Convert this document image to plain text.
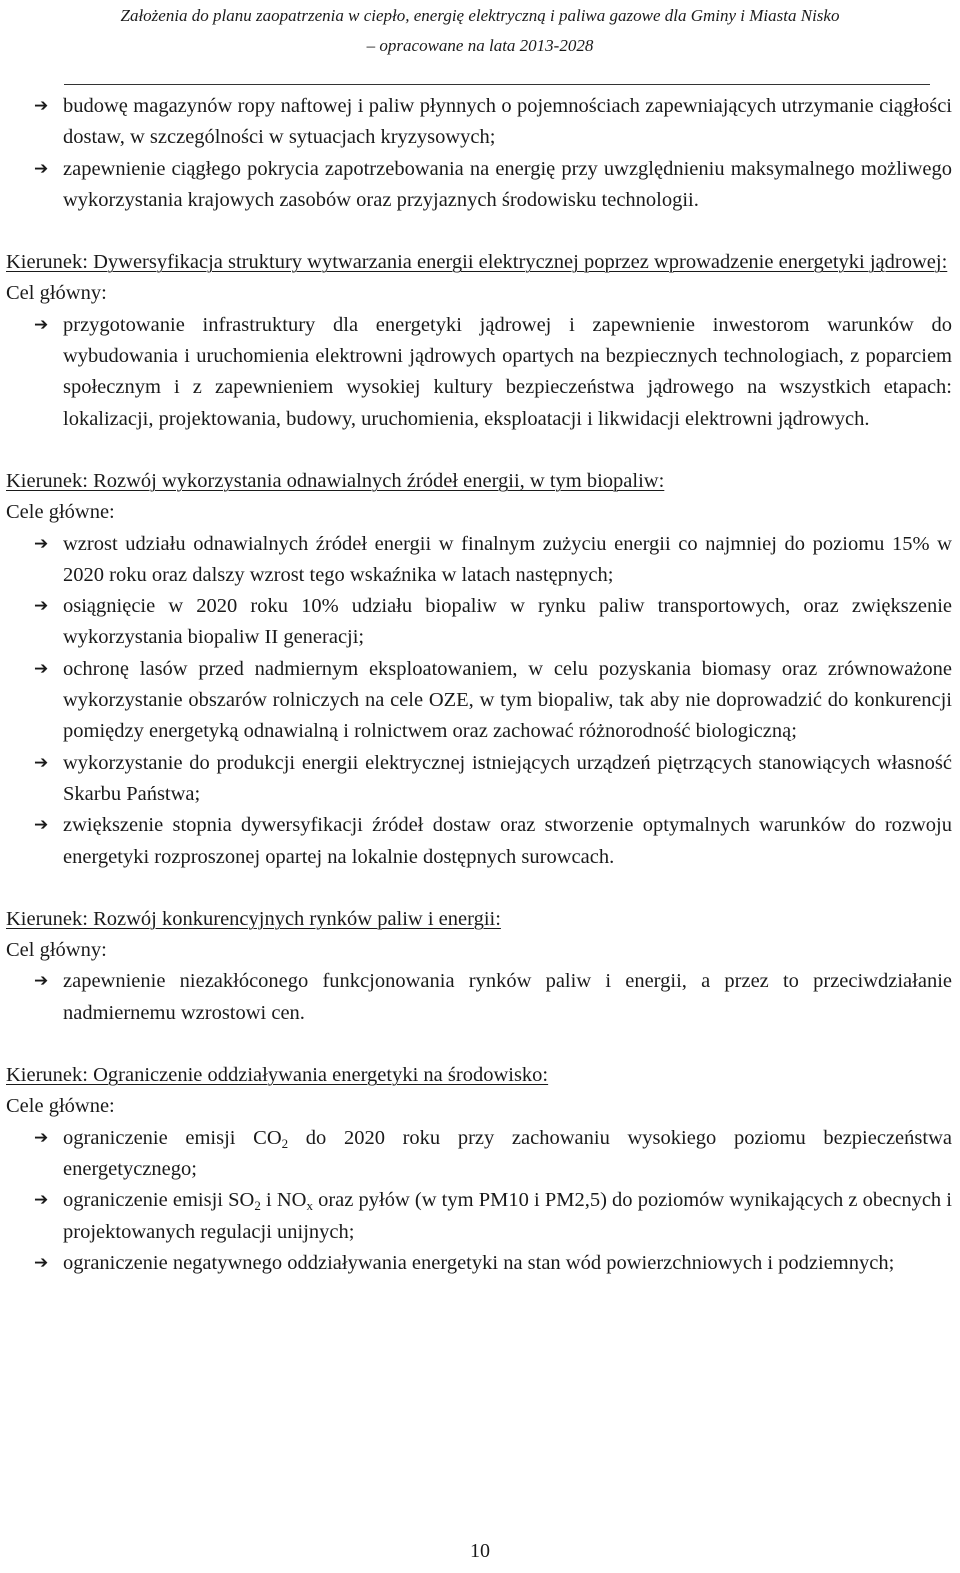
Założenia do planu zaopatrzenia w ciepło, energię elektryczną i paliwa gazowe dla Gminy i Miasta Nisko
– opracowane na lata 2013-2028
➔ budowę magazynów ropy naftowej i paliw płynnych o pojemnościach zapewniających utrzymanie ciągłości dostaw, w szczególności w sytuacjach kryzysowych;
➔ zapewnienie ciągłego pokrycia zapotrzebowania na energię przy uwzględnieniu maksymalnego możliwego wykorzystania krajowych zasobów oraz przyjaznych środowisku technologii.
Kierunek: Dywersyfikacja struktury wytwarzania energii elektrycznej poprzez wprowadzenie energetyki jądrowej:
Cel główny:
➔ przygotowanie infrastruktury dla energetyki jądrowej i zapewnienie inwestorom warunków do wybudowania i uruchomienia elektrowni jądrowych opartych na bezpiecznych technologiach, z poparciem społecznym i z zapewnieniem wysokiej kultury bezpieczeństwa jądrowego na wszystkich etapach: lokalizacji, projektowania, budowy, uruchomienia, eksploatacji i likwidacji elektrowni jądrowych.
Kierunek: Rozwój wykorzystania odnawialnych źródeł energii, w tym biopaliw:
Cele główne:
➔ wzrost udziału odnawialnych źródeł energii w finalnym zużyciu energii co najmniej do poziomu 15% w 2020 roku oraz dalszy wzrost tego wskaźnika w latach następnych;
➔ osiągnięcie w 2020 roku 10% udziału biopaliw w rynku paliw transportowych, oraz zwiększenie wykorzystania biopaliw II generacji;
➔ ochronę lasów przed nadmiernym eksploatowaniem, w celu pozyskania biomasy oraz zrównoważone wykorzystanie obszarów rolniczych na cele OZE, w tym biopaliw, tak aby nie doprowadzić do konkurencji pomiędzy energetyką odnawialną i rolnictwem oraz zachować różnorodność biologiczną;
➔ wykorzystanie do produkcji energii elektrycznej istniejących urządzeń piętrzących stanowiących własność Skarbu Państwa;
➔ zwiększenie stopnia dywersyfikacji źródeł dostaw oraz stworzenie optymalnych warunków do rozwoju energetyki rozproszonej opartej na lokalnie dostępnych surowcach.
Kierunek: Rozwój konkurencyjnych rynków paliw i energii:
Cel główny:
➔ zapewnienie niezakłóconego funkcjonowania rynków paliw i energii, a przez to przeciwdziałanie nadmiernemu wzrostowi cen.
Kierunek: Ograniczenie oddziaływania energetyki na środowisko:
Cele główne:
➔ ograniczenie emisji $CO_2$ do 2020 roku przy zachowaniu wysokiego poziomu bezpieczeństwa energetycznego;
➔ ograniczenie emisji $SO_2$ i $NO_x$ oraz pyłów (w tym PM10 i PM2,5) do poziomów wynikających z obecnych i projektowanych regulacji unijnych;
➔ ograniczenie negatywnego oddziaływania energetyki na stan wód powierzchniowych i podziemnych;
10
